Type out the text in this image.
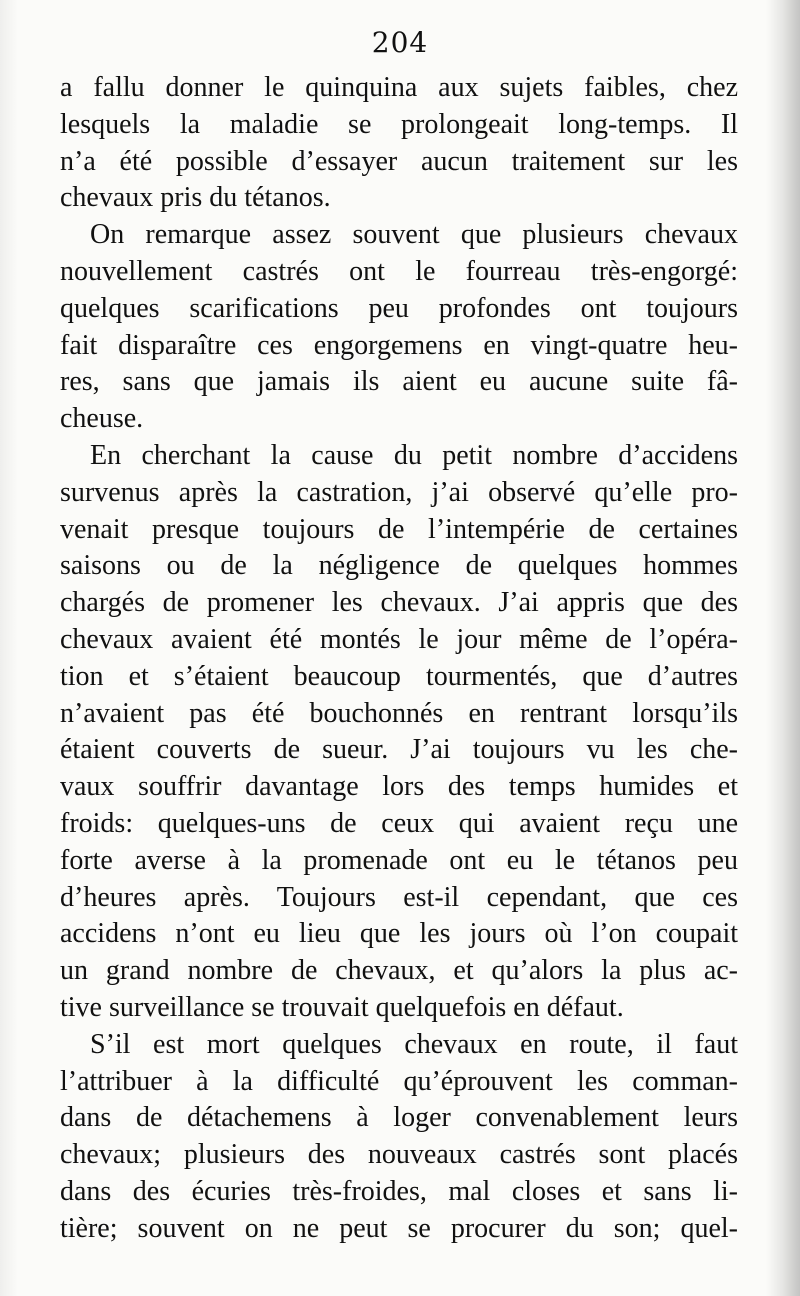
204
a fallu donner le quinquina aux sujets faibles, chez
lesquels la maladie se prolongeait long-temps. Il
n’a été possible d’essayer aucun traitement sur les
chevaux pris du tétanos.
On remarque assez souvent que plusieurs chevaux
nouvellement castrés ont le fourreau très-engorgé:
quelques scarifications peu profondes ont toujours
fait disparaître ces engorgemens en vingt-quatre heu-
res, sans que jamais ils aient eu aucune suite fâ-
cheuse.
En cherchant la cause du petit nombre d’accidens
survenus après la castration, j’ai observé qu’elle pro-
venait presque toujours de l’intempérie de certaines
saisons ou de la négligence de quelques hommes
chargés de promener les chevaux. J’ai appris que des
chevaux avaient été montés le jour même de l’opéra-
tion et s’étaient beaucoup tourmentés, que d’autres
n’avaient pas été bouchonnés en rentrant lorsqu’ils
étaient couverts de sueur. J’ai toujours vu les che-
vaux souffrir davantage lors des temps humides et
froids: quelques-uns de ceux qui avaient reçu une
forte averse à la promenade ont eu le tétanos peu
d’heures après. Toujours est-il cependant, que ces
accidens n’ont eu lieu que les jours où l’on coupait
un grand nombre de chevaux, et qu’alors la plus ac-
tive surveillance se trouvait quelquefois en défaut.
S’il est mort quelques chevaux en route, il faut
l’attribuer à la difficulté qu’éprouvent les comman-
dans de détachemens à loger convenablement leurs
chevaux; plusieurs des nouveaux castrés sont placés
dans des écuries très-froides, mal closes et sans li-
tière; souvent on ne peut se procurer du son; quel-
